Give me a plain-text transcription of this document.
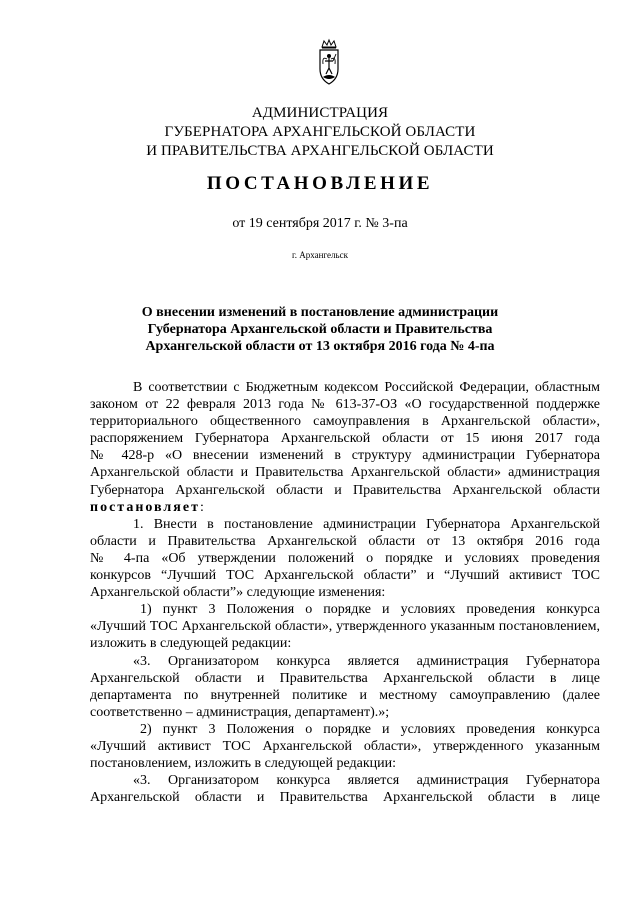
АДМИНИСТРАЦИЯ
ГУБЕРНАТОРА АРХАНГЕЛЬСКОЙ ОБЛАСТИ
И ПРАВИТЕЛЬСТВА АРХАНГЕЛЬСКОЙ ОБЛАСТИ
ПОСТАНОВЛЕНИЕ
от 19 сентября 2017 г. № 3-па
г. Архангельск
О внесении изменений в постановление администрации
Губернатора Архангельской области и Правительства
Архангельской области от 13 октября 2016 года № 4-па
В соответствии с Бюджетным кодексом Российской Федерации, областным
законом от 22 февраля 2013 года № 613-37-ОЗ «О государственной поддержке
территориального общественного самоуправления в Архангельской области»,
распоряжением Губернатора Архангельской области от 15 июня 2017 года
№ 428-р «О внесении изменений в структуру администрации Губернатора
Архангельской области и Правительства Архангельской области» администрация
Губернатора Архангельской области и Правительства Архангельской области
постановляет:
1. Внести в постановление администрации Губернатора Архангельской
области и Правительства Архангельской области от 13 октября 2016 года
№ 4-па «Об утверждении положений о порядке и условиях проведения
конкурсов “Лучший ТОС Архангельской области” и “Лучший активист ТОС
Архангельской области”» следующие изменения:
1) пункт 3 Положения о порядке и условиях проведения конкурса
«Лучший ТОС Архангельской области», утвержденного указанным постановлением,
изложить в следующей редакции:
«3. Организатором конкурса является администрация Губернатора
Архангельской области и Правительства Архангельской области в лице
департамента по внутренней политике и местному самоуправлению (далее
соответственно – администрация, департамент).»;
2) пункт 3 Положения о порядке и условиях проведения конкурса
«Лучший активист ТОС Архангельской области», утвержденного указанным
постановлением, изложить в следующей редакции:
«3. Организатором конкурса является администрация Губернатора
Архангельской области и Правительства Архангельской области в лице
